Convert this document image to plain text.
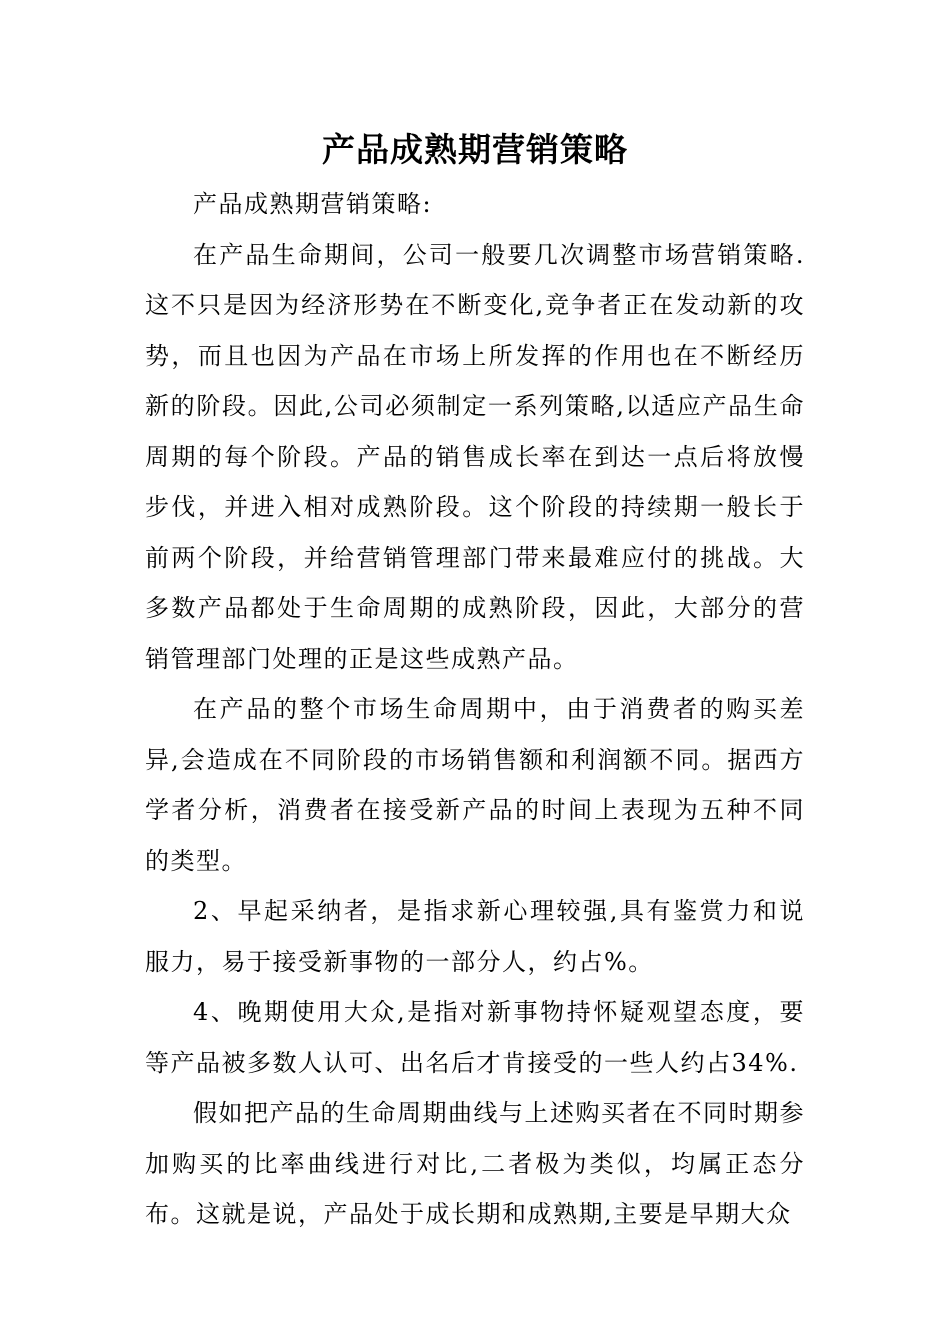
产品成熟期营销策略

产品成熟期营销策略:

在产品生命期间，公司一般要几次调整市场营销策略.这不只是因为经济形势在不断变化,竞争者正在发动新的攻势，而且也因为产品在市场上所发挥的作用也在不断经历新的阶段。因此,公司必须制定一系列策略,以适应产品生命周期的每个阶段。产品的销售成长率在到达一点后将放慢步伐，并进入相对成熟阶段。这个阶段的持续期一般长于前两个阶段，并给营销管理部门带来最难应付的挑战。大多数产品都处于生命周期的成熟阶段，因此，大部分的营销管理部门处理的正是这些成熟产品。

在产品的整个市场生命周期中，由于消费者的购买差异,会造成在不同阶段的市场销售额和利润额不同。据西方学者分析，消费者在接受新产品的时间上表现为五种不同的类型。

2、早起采纳者，是指求新心理较强,具有鉴赏力和说服力，易于接受新事物的一部分人，约占%。

4、晚期使用大众,是指对新事物持怀疑观望态度，要等产品被多数人认可、出名后才肯接受的一些人约占34%.

假如把产品的生命周期曲线与上述购买者在不同时期参加购买的比率曲线进行对比,二者极为类似，均属正态分布。这就是说，产品处于成长期和成熟期,主要是早期大众
